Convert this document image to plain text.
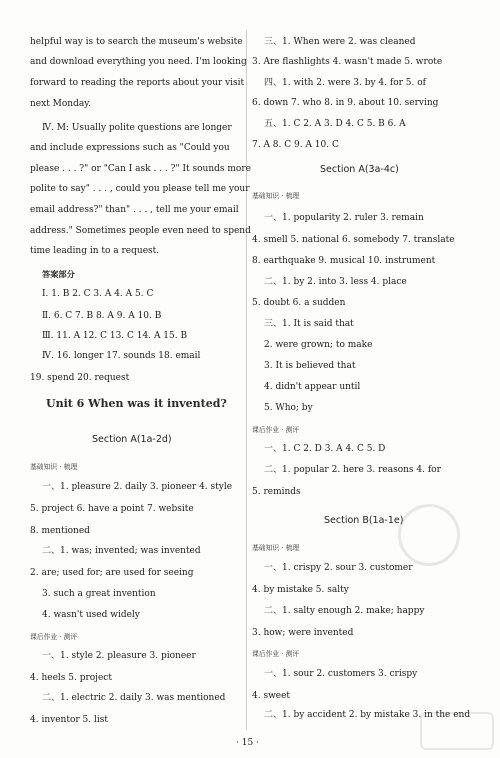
helpful way is to search the museum's website
and download everything you need. I'm looking
forward to reading the reports about your visit
next Monday.
Ⅳ. M: Usually polite questions are longer
and include expressions such as "Could you
please . . . ?" or "Can I ask . . . ?" It sounds more
polite to say" . . . , could you please tell me your
email address?" than" . . . , tell me your email
address." Sometimes people even need to spend
time leading in to a request.
答案部分
Ⅰ. 1. B 2. C 3. A 4. A 5. C
Ⅱ. 6. C 7. B 8. A 9. A 10. B
Ⅲ. 11. A 12. C 13. C 14. A 15. B
Ⅳ. 16. longer 17. sounds 18. email
19. spend 20. request
Unit 6 When was it invented?
Section A(1a-2d)
基础知识 · 梳理
一、1. pleasure 2. daily 3. pioneer 4. style
5. project 6. have a point 7. website
8. mentioned
二、1. was; invented; was invented
2. are; used for; are used for seeing
3. such a great invention
4. wasn't used widely
课后作业 · 测评
一、1. style 2. pleasure 3. pioneer
4. heels 5. project
二、1. electric 2. daily 3. was mentioned
4. inventor 5. list
三、1. When were 2. was cleaned
3. Are flashlights 4. wasn't made 5. wrote
四、1. with 2. were 3. by 4. for 5. of
6. down 7. who 8. in 9. about 10. serving
五、1. C 2. A 3. D 4. C 5. B 6. A
7. A 8. C 9. A 10. C
Section A(3a-4c)
基础知识 · 梳理
一、1. popularity 2. ruler 3. remain
4. smell 5. national 6. somebody 7. translate
8. earthquake 9. musical 10. instrument
二、1. by 2. into 3. less 4. place
5. doubt 6. a sudden
三、1. It is said that
2. were grown; to make
3. It is believed that
4. didn't appear until
5. Who; by
课后作业 · 测评
一、1. C 2. D 3. A 4. C 5. D
二、1. popular 2. here 3. reasons 4. for
5. reminds
Section B(1a-1e)
基础知识 · 梳理
一、1. crispy 2. sour 3. customer
4. by mistake 5. salty
二、1. salty enough 2. make; happy
3. how; were invented
课后作业 · 测评
一、1. sour 2. customers 3. crispy
4. sweet
二、1. by accident 2. by mistake 3. in the end
· 15 ·
